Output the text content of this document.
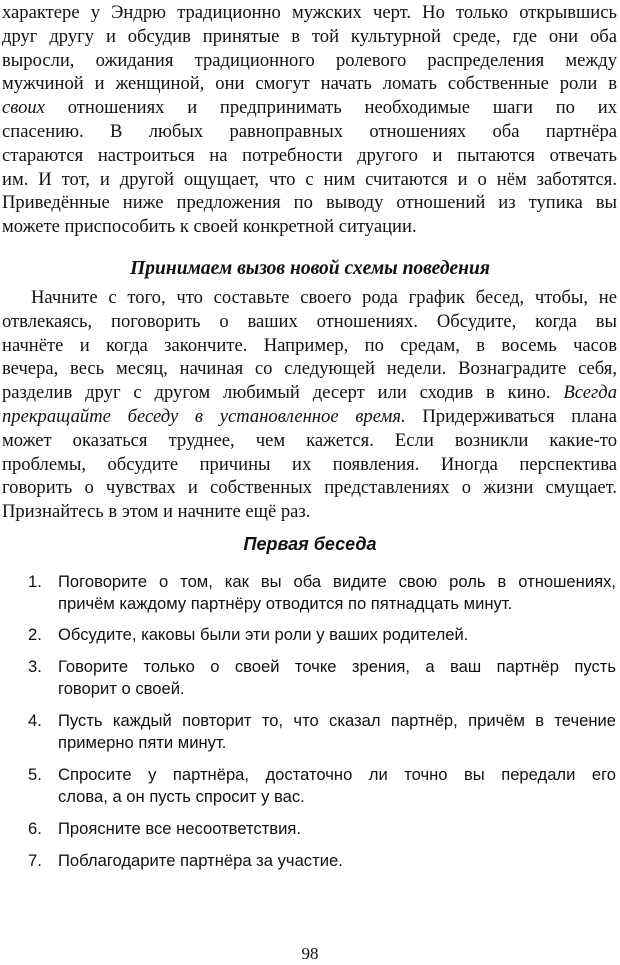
характере у Эндрю традиционно мужских черт. Но только открывшись
друг другу и обсудив принятые в той культурной среде, где они оба
выросли, ожидания традиционного ролевого распределения между
мужчиной и женщиной, они смогут начать ломать собственные роли в
своих отношениях и предпринимать необходимые шаги по их
спасению. В любых равноправных отношениях оба партнёра
стараются настроиться на потребности другого и пытаются отвечать
им. И тот, и другой ощущает, что с ним считаются и о нём заботятся.
Приведённые ниже предложения по выводу отношений из тупика вы
можете приспособить к своей конкретной ситуации.

Принимаем вызов новой схемы поведения

Начните с того, что составьте своего рода график бесед, чтобы, не
отвлекаясь, поговорить о ваших отношениях. Обсудите, когда вы
начнёте и когда закончите. Например, по средам, в восемь часов
вечера, весь месяц, начиная со следующей недели. Вознаградите себя,
разделив друг с другом любимый десерт или сходив в кино. Всегда
прекращайте беседу в установленное время. Придерживаться плана
может оказаться труднее, чем кажется. Если возникли какие-то
проблемы, обсудите причины их появления. Иногда перспектива
говорить о чувствах и собственных представлениях о жизни смущает.
Признайтесь в этом и начните ещё раз.

Первая беседа
1. Поговорите о том, как вы оба видите свою роль в отношениях,
причём каждому партнёру отводится по пятнадцать минут.
2. Обсудите, каковы были эти роли у ваших родителей.
3. Говорите только о своей точке зрения, а ваш партнёр пусть
говорит о своей.
4. Пусть каждый повторит то, что сказал партнёр, причём в течение
примерно пяти минут.
5. Спросите у партнёра, достаточно ли точно вы передали его
слова, а он пусть спросит у вас.
6. Проясните все несоответствия.
7. Поблагодарите партнёра за участие.
98
